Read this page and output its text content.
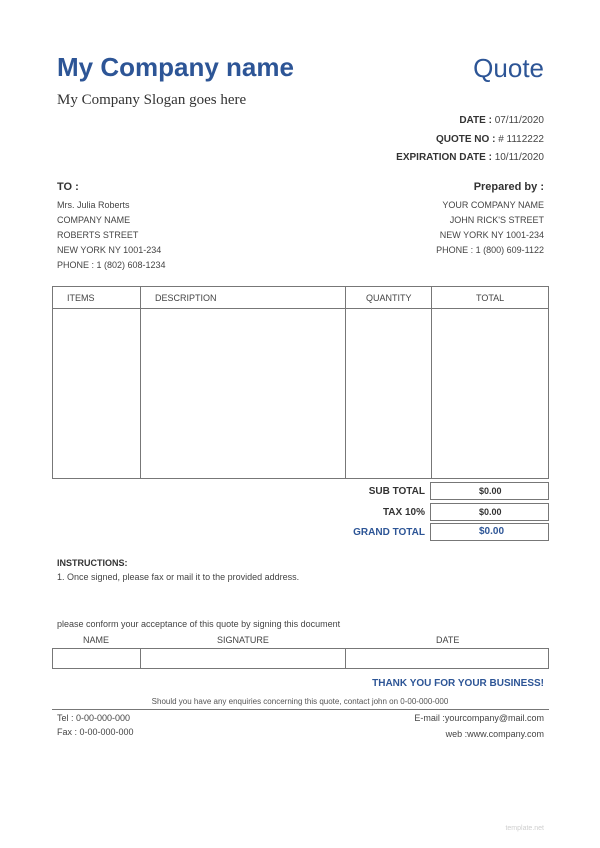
My Company name	Quote
My Company Slogan goes here
DATE : 07/11/2020
QUOTE NO : # 1112222
EXPIRATION DATE : 10/11/2020
TO :	Prepared by :
Mrs. Julia Roberts
COMPANY NAME
ROBERTS STREET
NEW YORK NY 1001-234
PHONE : 1 (802) 608-1234
YOUR COMPANY NAME
JOHN RICK'S STREET
NEW YORK NY 1001-234
PHONE : 1 (800) 609-1122
ITEMS	DESCRIPTION	QUANTITY	TOTAL
SUB TOTAL	$0.00
TAX 10%	$0.00
GRAND TOTAL	$0.00
INSTRUCTIONS:
1. Once signed, please fax or mail it to the provided address.
please conform your acceptance of this quote by signing this document
NAME	SIGNATURE	DATE
THANK YOU FOR YOUR BUSINESS!
Should you have any enquiries concerning this quote, contact john on 0-00-000-000
Tel : 0-00-000-000
Fax : 0-00-000-000
E-mail :yourcompany@mail.com
web :www.company.com
template.net
